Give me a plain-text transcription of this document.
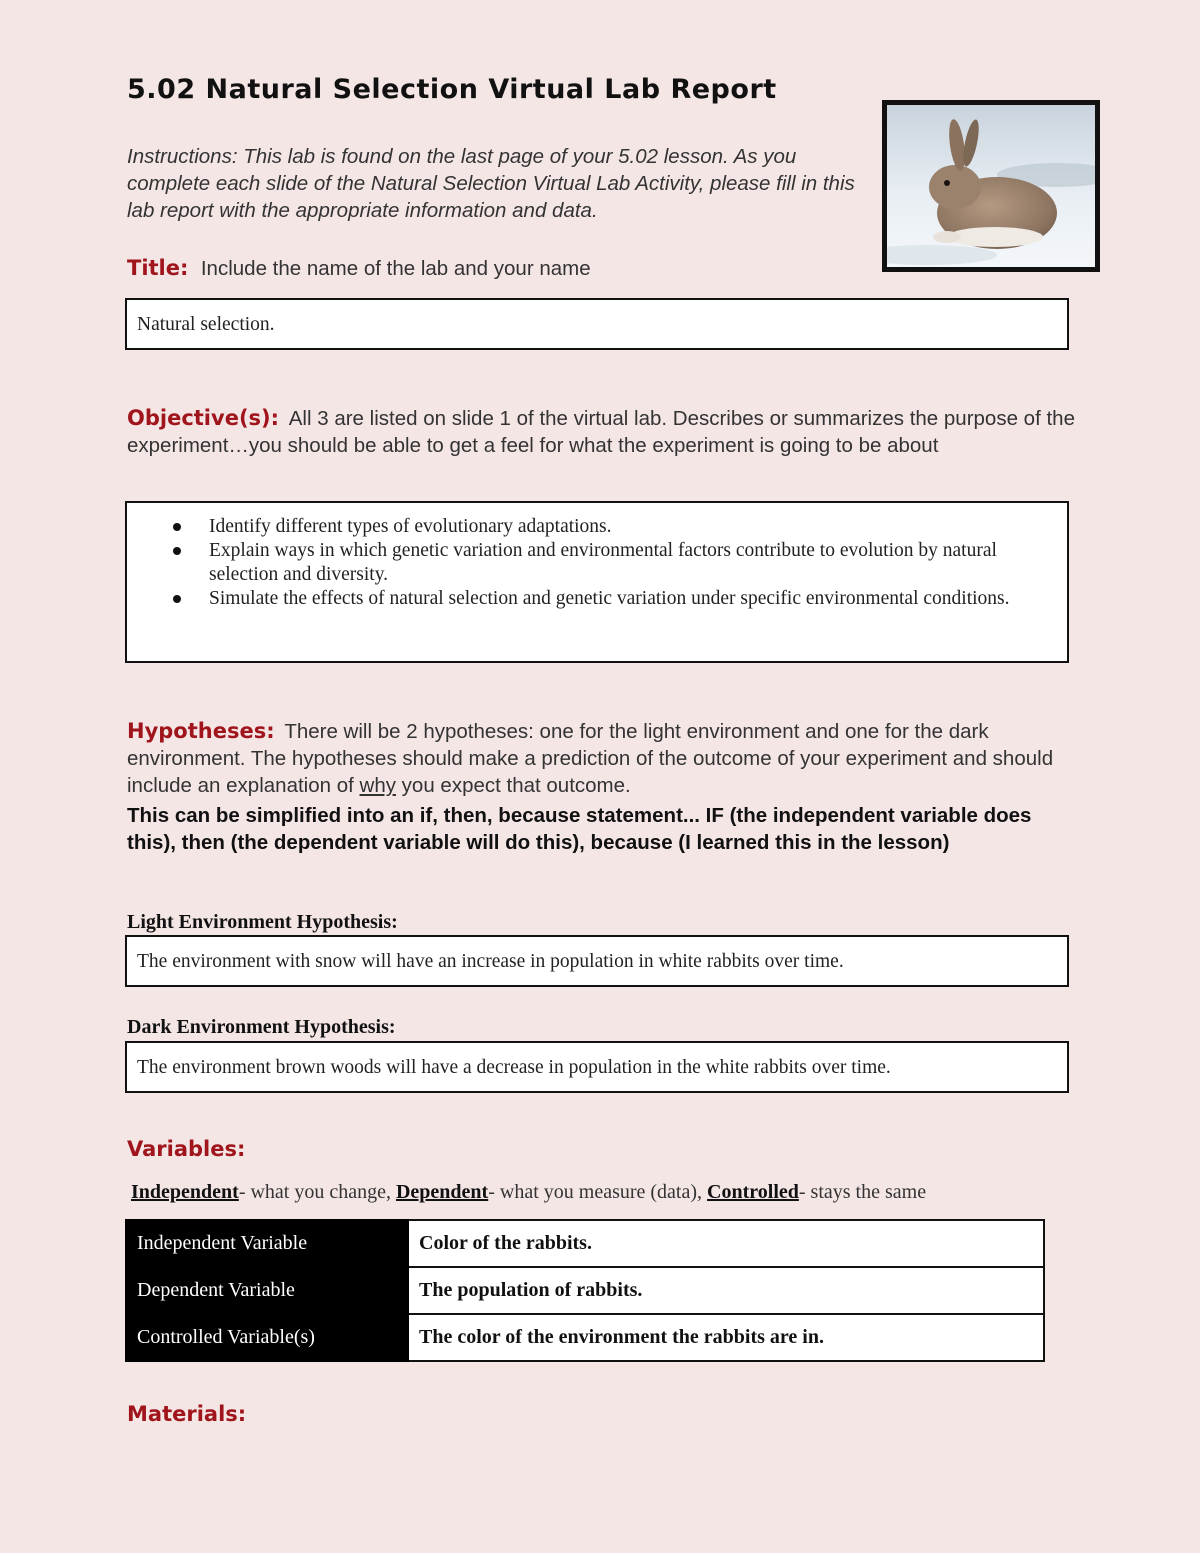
5.02 Natural Selection Virtual Lab Report
Instructions: This lab is found on the last page of your 5.02 lesson. As you complete each slide of the Natural Selection Virtual Lab Activity, please fill in this lab report with the appropriate information and data.
Title: Include the name of the lab and your name
Natural selection.
Objective(s): All 3 are listed on slide 1 of the virtual lab. Describes or summarizes the purpose of the experiment…you should be able to get a feel for what the experiment is going to be about
Identify different types of evolutionary adaptations.
Explain ways in which genetic variation and environmental factors contribute to evolution by natural selection and diversity.
Simulate the effects of natural selection and genetic variation under specific environmental conditions.
Hypotheses: There will be 2 hypotheses: one for the light environment and one for the dark environment. The hypotheses should make a prediction of the outcome of your experiment and should include an explanation of why you expect that outcome.
This can be simplified into an if, then, because statement... IF (the independent variable does this), then (the dependent variable will do this), because (I learned this in the lesson)
Light Environment Hypothesis:
The environment with snow will have an increase in population in white rabbits over time.
Dark Environment Hypothesis:
The environment brown woods will have a decrease in population in the white rabbits over time.
Variables:
Independent- what you change, Dependent- what you measure (data), Controlled- stays the same
Independent Variable	Color of the rabbits.
Dependent Variable	The population of rabbits.
Controlled Variable(s)	The color of the environment the rabbits are in.
Materials:
